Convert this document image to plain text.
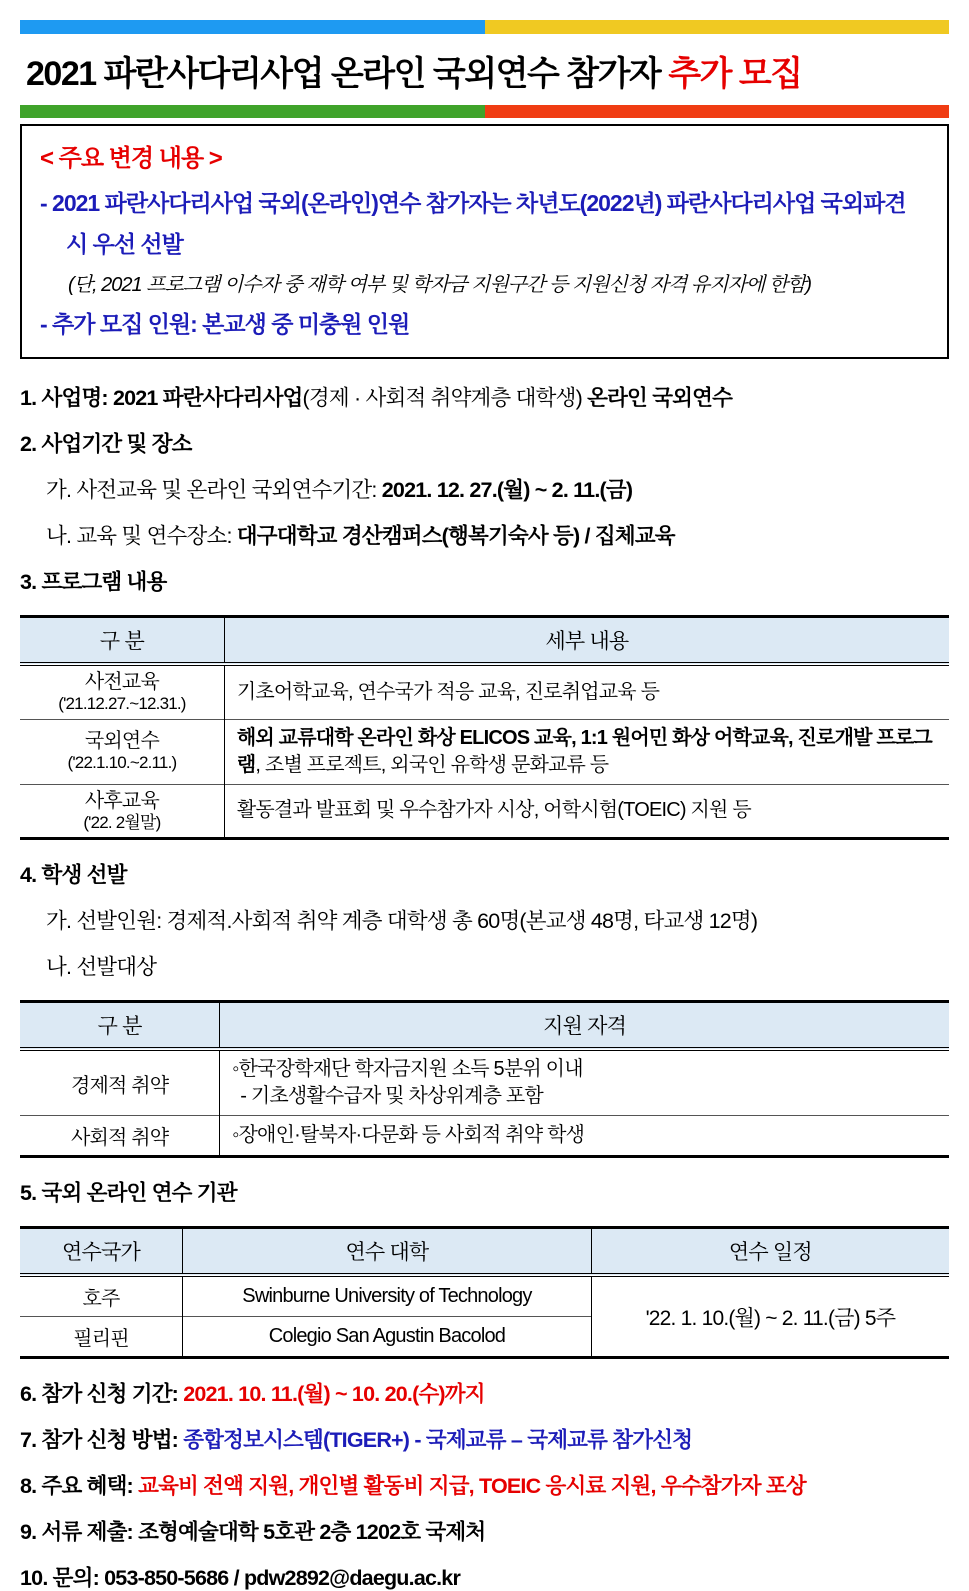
2021 파란사다리사업 온라인 국외연수 참가자 추가 모집
< 주요 변경 내용 >
- 2021 파란사다리사업 국외(온라인)연수 참가자는 차년도(2022년) 파란사다리사업 국외파견 시 우선 선발
(단, 2021 프로그램 이수자 중 재학 여부 및 학자금 지원구간 등 지원신청 자격 유지자에 한함)
- 추가 모집 인원: 본교생 중 미충원 인원
1. 사업명: 2021 파란사다리사업(경제 · 사회적 취약계층 대학생) 온라인 국외연수
2. 사업기간 및 장소
가. 사전교육 및 온라인 국외연수기간: 2021. 12. 27.(월) ~ 2. 11.(금)
나. 교육 및 연수장소: 대구대학교 경산캠퍼스(행복기숙사 등) / 집체교육
3. 프로그램 내용
구 분	세부 내용
사전교육
('21.12.27.~12.31.)	기초어학교육, 연수국가 적응 교육, 진로취업교육 등
국외연수
('22.1.10.~2.11.)	해외 교류대학 온라인 화상 ELICOS 교육, 1:1 원어민 화상 어학교육, 진로개발 프로그램, 조별 프로젝트, 외국인 유학생 문화교류 등
사후교육
('22. 2월말)	활동결과 발표회 및 우수참가자 시상, 어학시험(TOEIC) 지원 등
4. 학생 선발
가. 선발인원: 경제적.사회적 취약 계층 대학생 총 60명(본교생 48명, 타교생 12명)
나. 선발대상
구 분	지원 자격
경제적 취약	◦한국장학재단 학자금지원 소득 5분위 이내
- 기초생활수급자 및 차상위계층 포함

사회적 취약	◦장애인·탈북자·다문화 등 사회적 취약 학생
5. 국외 온라인 연수 기관
연수국가	연수 대학	연수 일정
호주	Swinburne University of Technology	'22. 1. 10.(월) ~ 2. 11.(금) 5주
필리핀	Colegio San Agustin Bacolod	
6. 참가 신청 기간: 2021. 10. 11.(월) ~ 10. 20.(수)까지
7. 참가 신청 방법: 종합정보시스템(TIGER+) - 국제교류 – 국제교류 참가신청
8. 주요 혜택: 교육비 전액 지원, 개인별 활동비 지급, TOEIC 응시료 지원, 우수참가자 포상
9. 서류 제출: 조형예술대학 5호관 2층 1202호 국제처
10. 문의: 053-850-5686 / pdw2892@daegu.ac.kr
